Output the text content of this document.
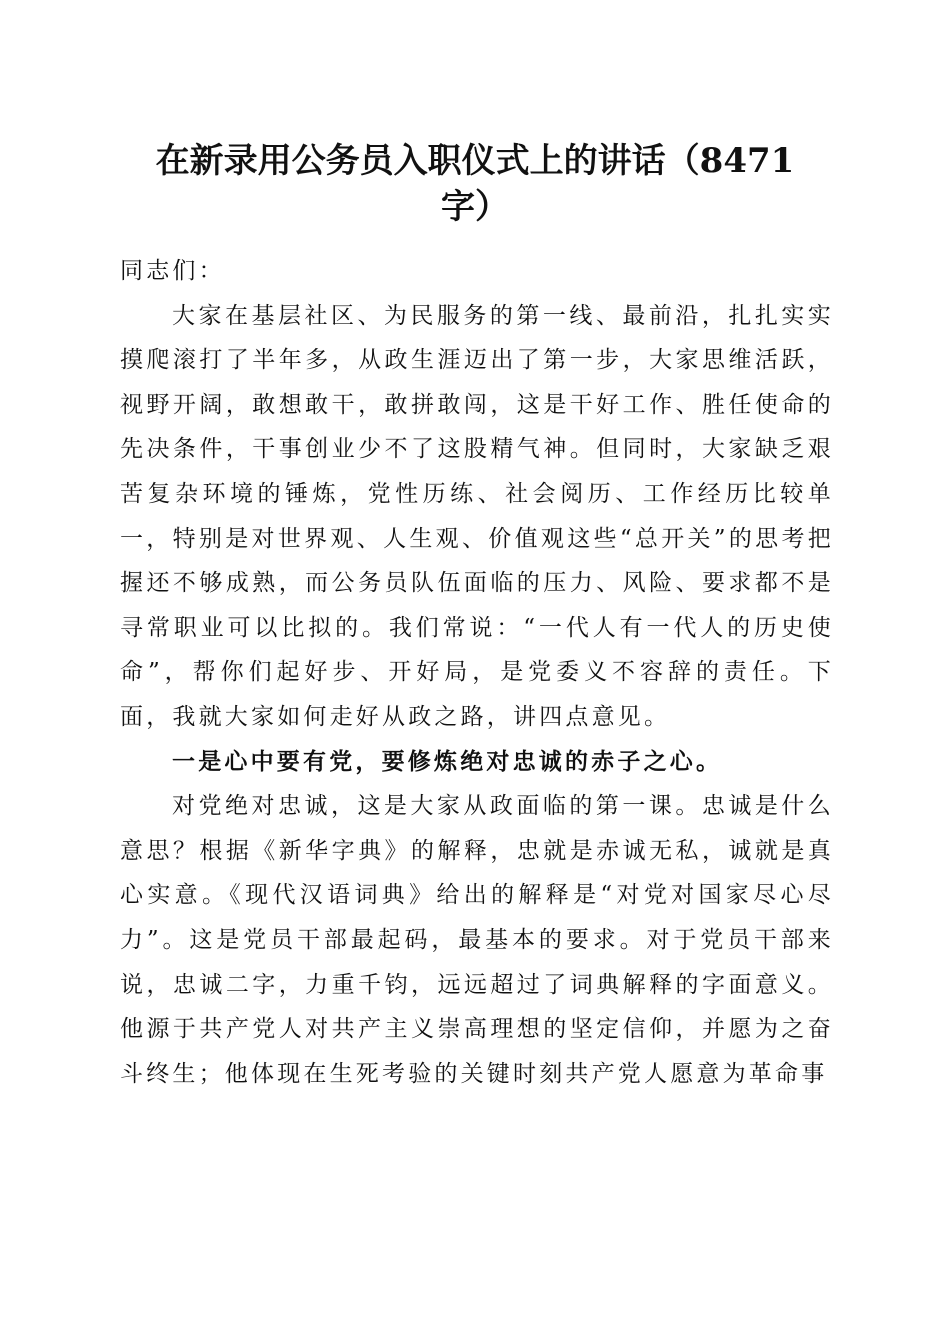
在新录用公务员入职仪式上的讲话（8471
字）

同志们：

大家在基层社区、为民服务的第一线、最前沿，扎扎实实摸爬滚打了半年多，从政生涯迈出了第一步，大家思维活跃，视野开阔，敢想敢干，敢拼敢闯，这是干好工作、胜任使命的先决条件，干事创业少不了这股精气神。但同时，大家缺乏艰苦复杂环境的锤炼，党性历练、社会阅历、工作经历比较单一，特别是对世界观、人生观、价值观这些“总开关”的思考把握还不够成熟，而公务员队伍面临的压力、风险、要求都不是寻常职业可以比拟的。我们常说：“一代人有一代人的历史使命”，帮你们起好步、开好局，是党委义不容辞的责任。下面，我就大家如何走好从政之路，讲四点意见。

一是心中要有党，要修炼绝对忠诚的赤子之心。

对党绝对忠诚，这是大家从政面临的第一课。忠诚是什么意思？根据《新华字典》的解释，忠就是赤诚无私，诚就是真心实意。《现代汉语词典》给出的解释是“对党对国家尽心尽力”。这是党员干部最起码，最基本的要求。对于党员干部来说，忠诚二字，力重千钧，远远超过了词典解释的字面意义。他源于共产党人对共产主义崇高理想的坚定信仰，并愿为之奋斗终生；他体现在生死考验的关键时刻共产党人愿意为革命事
